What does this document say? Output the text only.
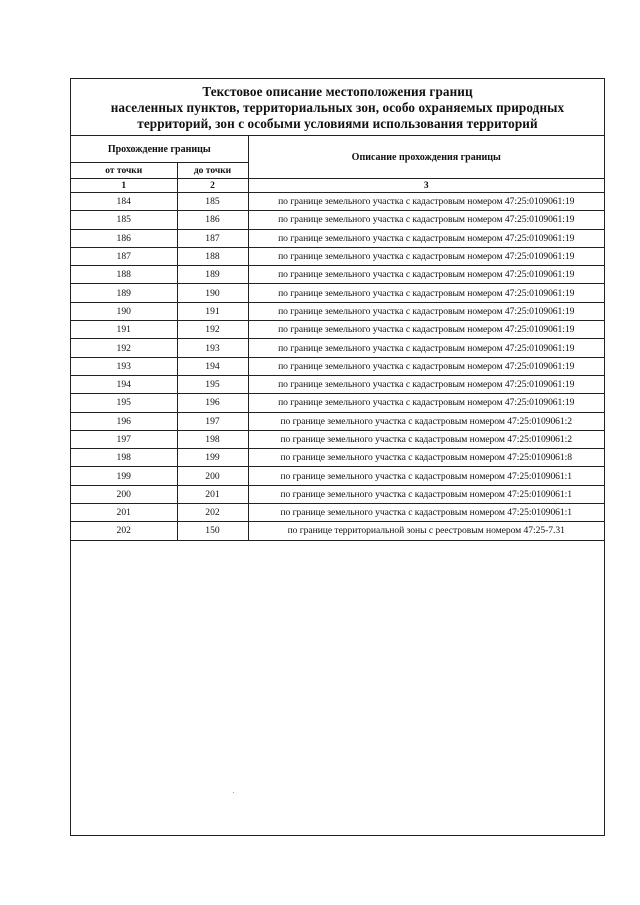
Текстовое описание местоположения границ
населенных пунктов, территориальных зон, особо охраняемых природных
территорий, зон с особыми условиями использования территорий
Прохождение границы		Описание прохождения границы
от точки	до точки	
1	2	3
184	185	по границе земельного участка с кадастровым номером 47:25:0109061:19
185	186	по границе земельного участка с кадастровым номером 47:25:0109061:19
186	187	по границе земельного участка с кадастровым номером 47:25:0109061:19
187	188	по границе земельного участка с кадастровым номером 47:25:0109061:19
188	189	по границе земельного участка с кадастровым номером 47:25:0109061:19
189	190	по границе земельного участка с кадастровым номером 47:25:0109061:19
190	191	по границе земельного участка с кадастровым номером 47:25:0109061:19
191	192	по границе земельного участка с кадастровым номером 47:25:0109061:19
192	193	по границе земельного участка с кадастровым номером 47:25:0109061:19
193	194	по границе земельного участка с кадастровым номером 47:25:0109061:19
194	195	по границе земельного участка с кадастровым номером 47:25:0109061:19
195	196	по границе земельного участка с кадастровым номером 47:25:0109061:19
196	197	по границе земельного участка с кадастровым номером 47:25:0109061:2
197	198	по границе земельного участка с кадастровым номером 47:25:0109061:2
198	199	по границе земельного участка с кадастровым номером 47:25:0109061:8
199	200	по границе земельного участка с кадастровым номером 47:25:0109061:1
200	201	по границе земельного участка с кадастровым номером 47:25:0109061:1
201	202	по границе земельного участка с кадастровым номером 47:25:0109061:1
202	150	по границе территориальной зоны с реестровым номером 47:25-7.31
